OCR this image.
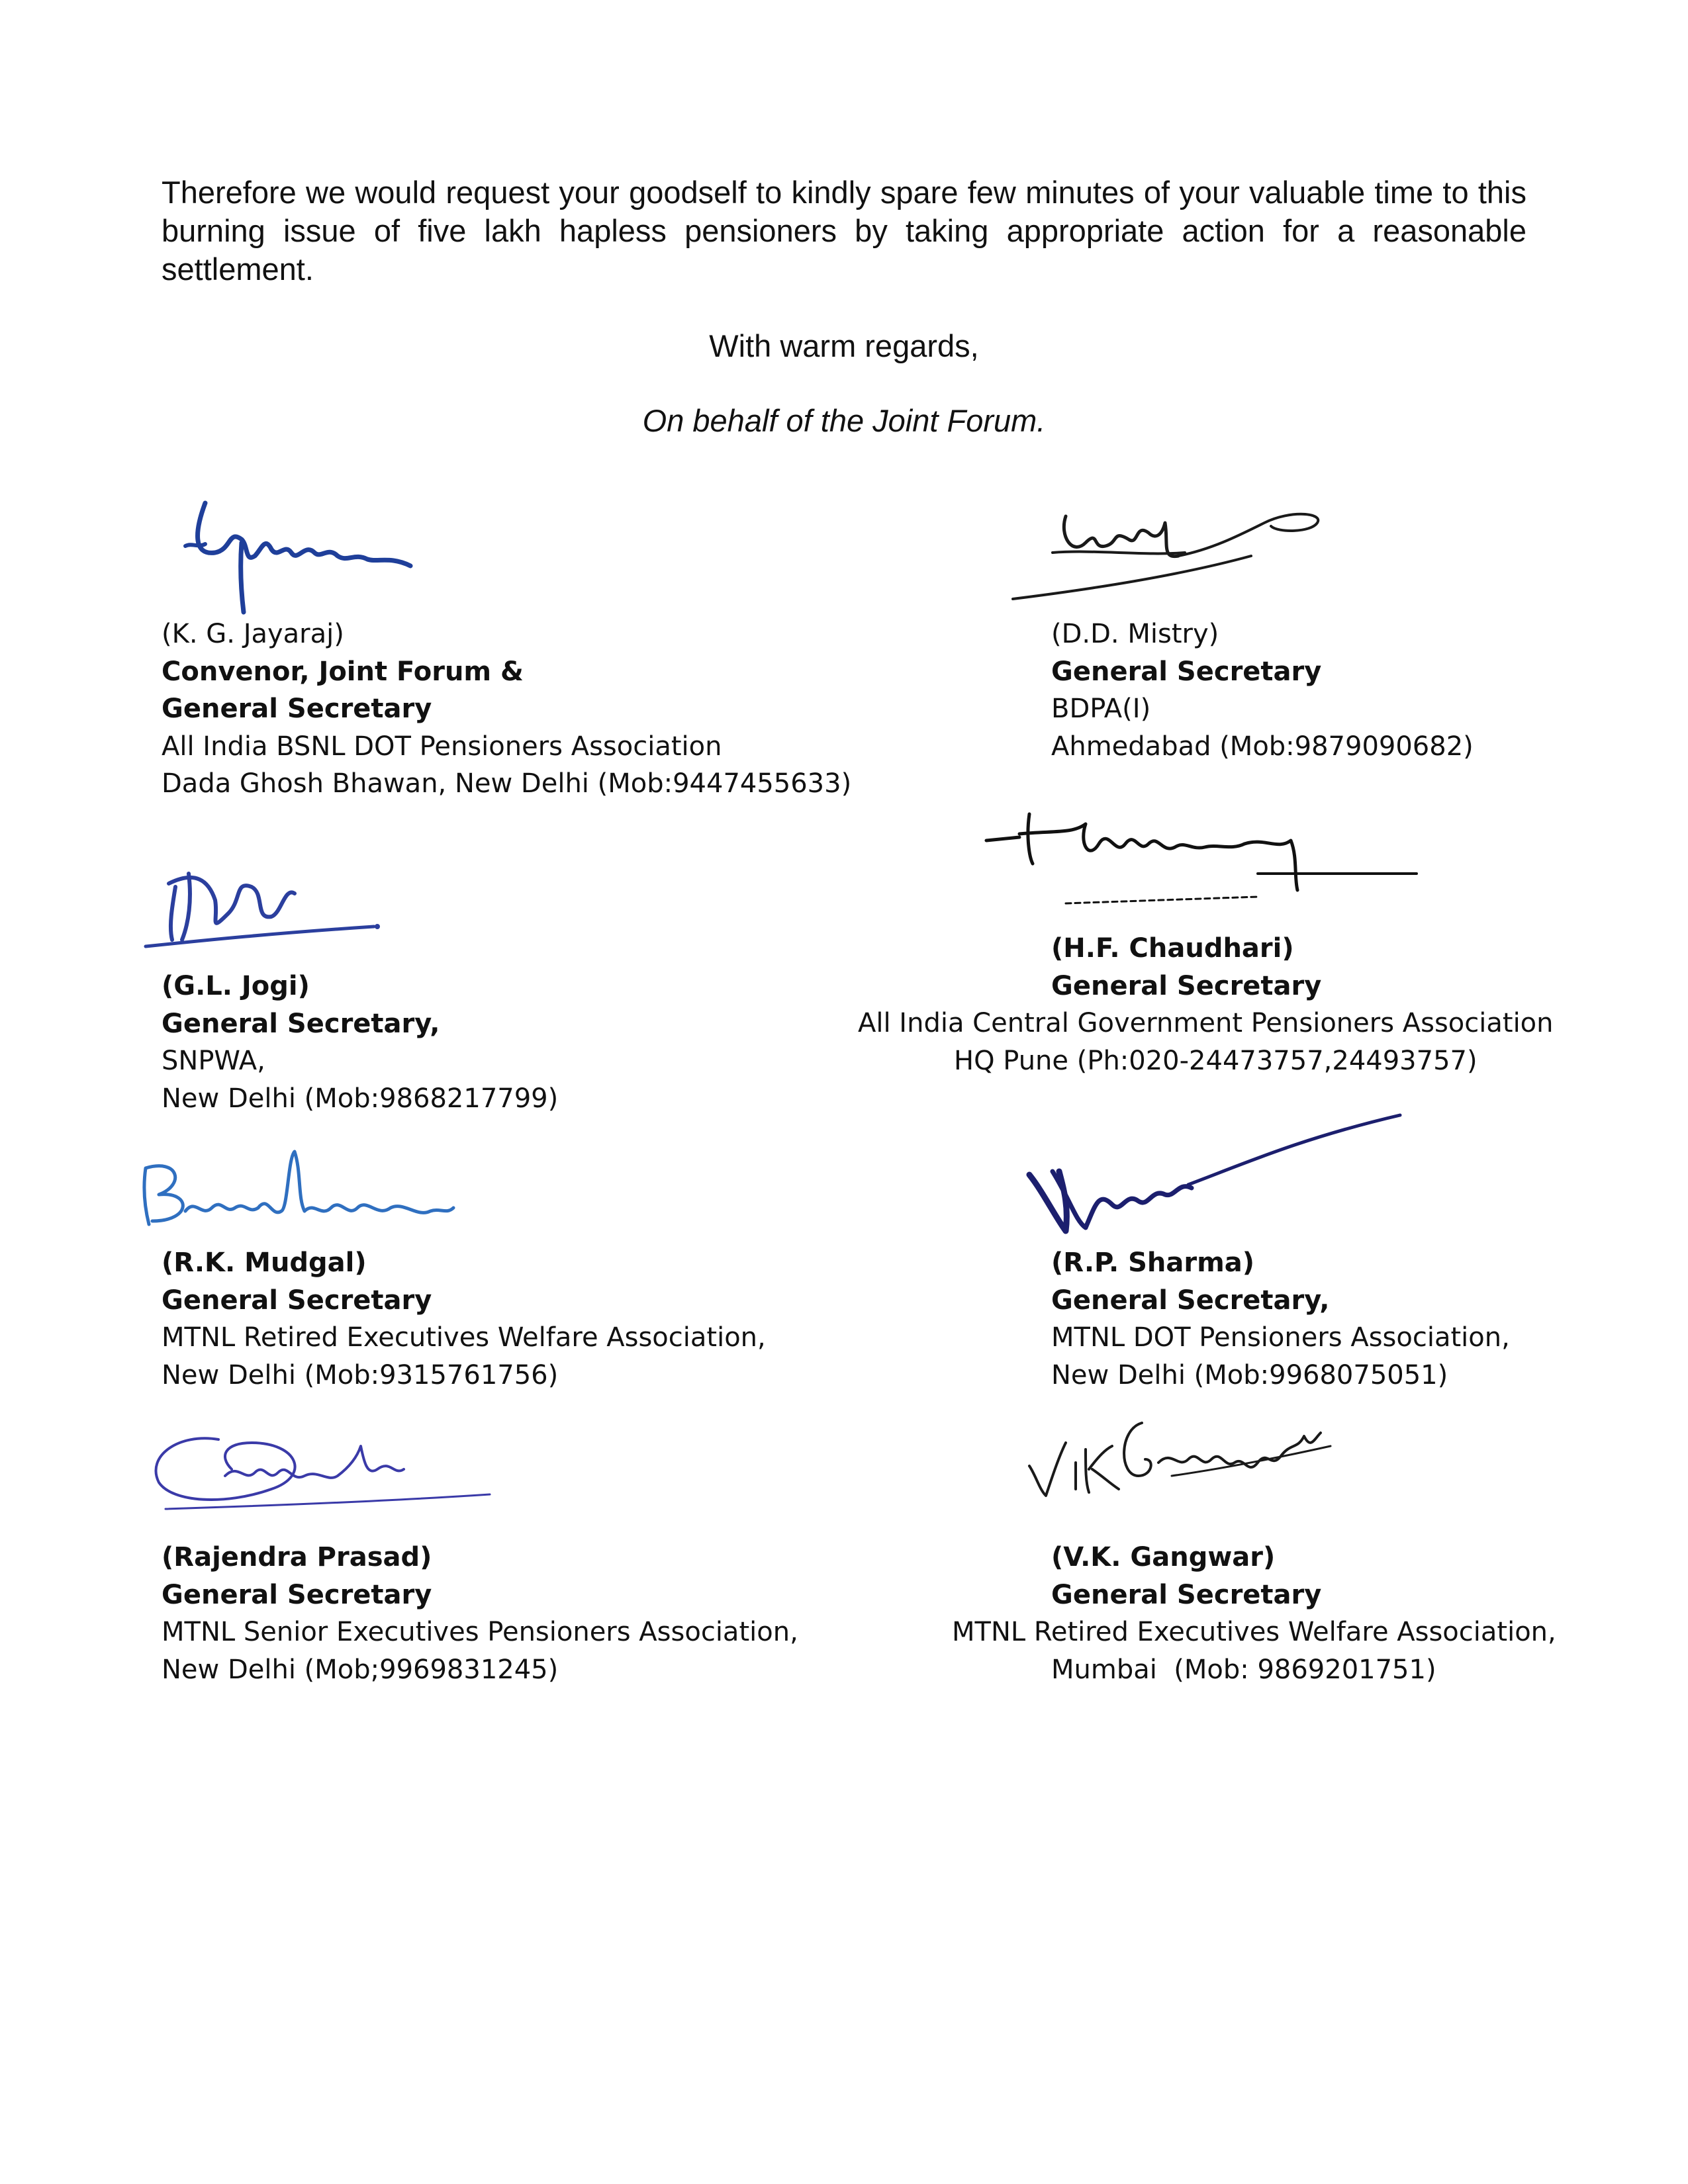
Therefore we would request your goodself to kindly spare few minutes of your valuable time to this burning issue of five lakh hapless pensioners by taking appropriate action for a reasonable settlement.
With warm regards,
On behalf of the Joint Forum.
(K. G. Jayaraj)
Convenor, Joint Forum &
General Secretary
All India BSNL DOT Pensioners Association
Dada Ghosh Bhawan, New Delhi (Mob:9447455633)
(D.D. Mistry)
General Secretary
BDPA(I)
Ahmedabad (Mob:9879090682)
(H.F. Chaudhari)
General Secretary
All India Central Government Pensioners Association
HQ Pune (Ph:020-24473757,24493757)
(G.L. Jogi)
General Secretary,
SNPWA,
New Delhi (Mob:9868217799)
(R.K. Mudgal)
General Secretary
MTNL Retired Executives Welfare Association,
New Delhi (Mob:9315761756)
(R.P. Sharma)
General Secretary,
MTNL DOT Pensioners Association,
New Delhi (Mob:9968075051)
(Rajendra Prasad)
General Secretary
MTNL Senior Executives Pensioners Association,
New Delhi (Mob;9969831245)
(V.K. Gangwar)
General Secretary
MTNL Retired Executives Welfare Association,
Mumbai  (Mob: 9869201751)
